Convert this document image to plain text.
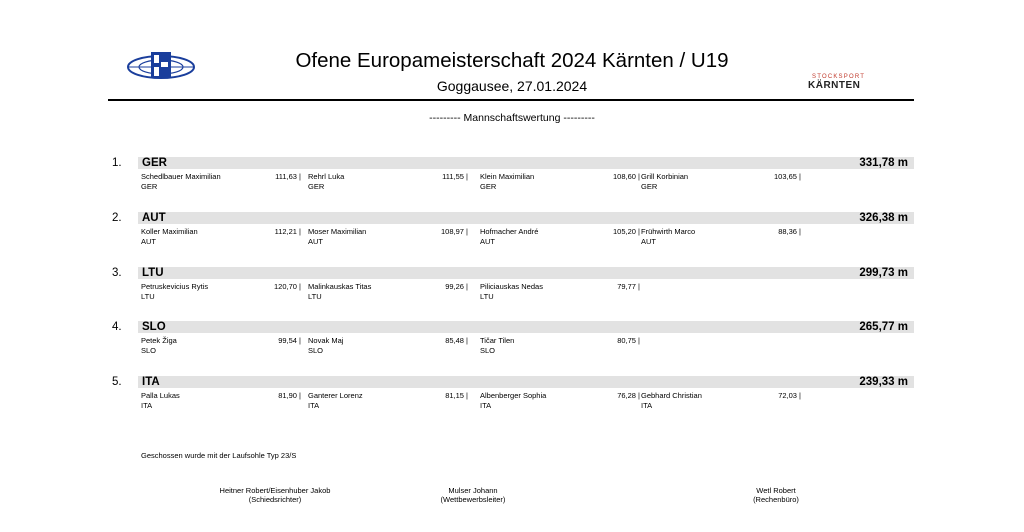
STOCKSPORT
KÄRNTEN
Ofene Europameisterschaft 2024 Kärnten / U19
Goggausee, 27.01.2024
--------- Mannschaftswertung ---------
1. GER	331,78 m
Schedlbauer Maximilian	111,63 |
GER
Rehrl Luka	111,55 |
GER
Klein Maximilian	108,60 |
GER
Grill Korbinian	103,65 |
GER
2. AUT	326,38 m
Koller Maximilian	112,21 |
AUT
Moser Maximilian	108,97 |
AUT
Hofmacher André	105,20 |
AUT
Frühwirth Marco	88,36 |
AUT
3. LTU	299,73 m
Petruskevicius Rytis	120,70 |
LTU
Malinkauskas Titas	99,26 |
LTU
Piliciauskas Nedas	79,77 |
LTU
4. SLO	265,77 m
Petek Žiga	99,54 |
SLO
Novak Maj	85,48 |
SLO
Tičar Tilen	80,75 |
SLO
5. ITA	239,33 m
Palla Lukas	81,90 |
ITA
Ganterer Lorenz	81,15 |
ITA
Albenberger Sophia	76,28 |
ITA
Gebhard Christian	72,03 |
ITA
Geschossen wurde mit der Laufsohle Typ 23/S
Heitner Robert/Eisenhuber Jakob
(Schiedsrichter)
Mulser Johann
(Wettbewerbsleiter)
Wetl Robert
(Rechenbüro)
